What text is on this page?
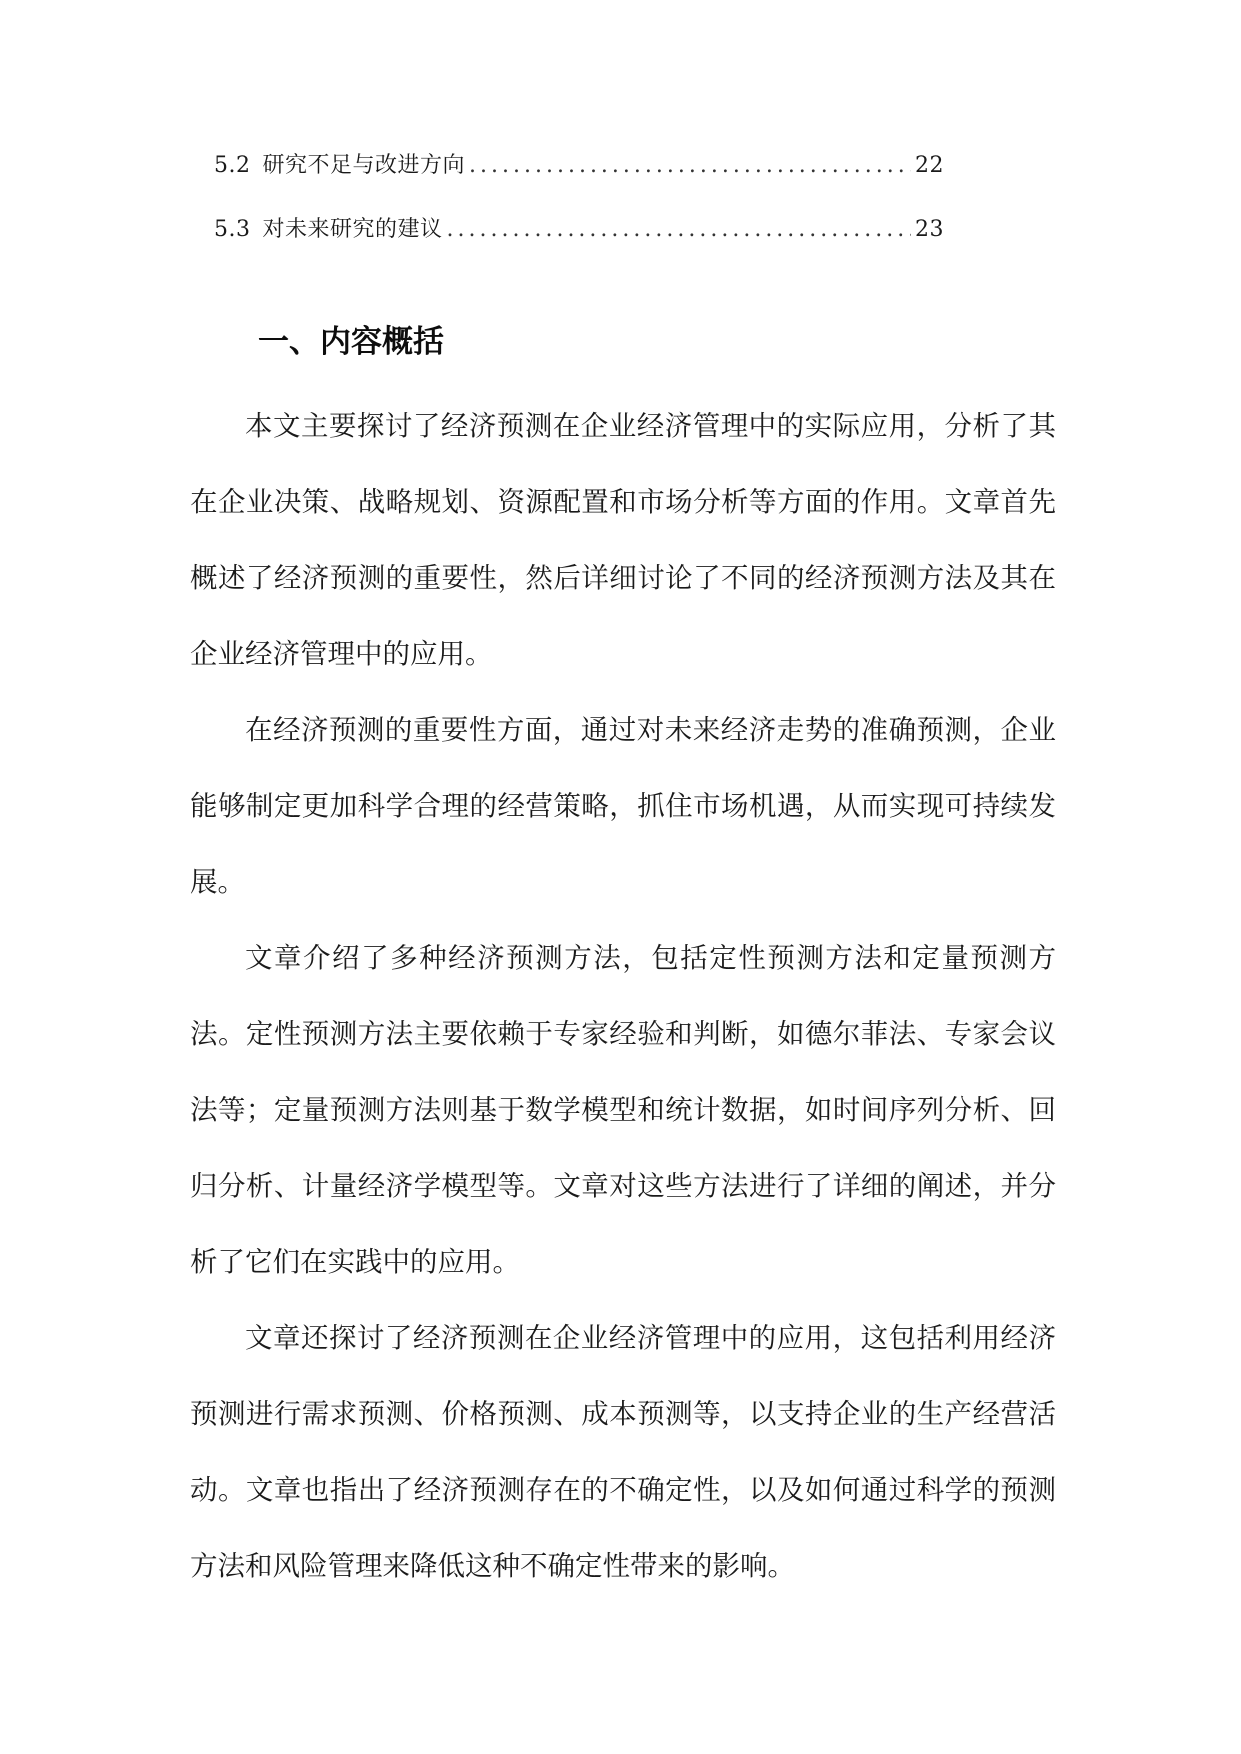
5.2 研究不足与改进方向 .....	22
5.3 对未来研究的建议 .....	23
一、内容概括

本文主要探讨了经济预测在企业经济管理中的实际应用，分析了其在企业决策、战略规划、资源配置和市场分析等方面的作用。文章首先概述了经济预测的重要性，然后详细讨论了不同的经济预测方法及其在企业经济管理中的应用。

在经济预测的重要性方面，通过对未来经济走势的准确预测，企业能够制定更加科学合理的经营策略，抓住市场机遇，从而实现可持续发展。

文章介绍了多种经济预测方法，包括定性预测方法和定量预测方法。定性预测方法主要依赖于专家经验和判断，如德尔菲法、专家会议法等；定量预测方法则基于数学模型和统计数据，如时间序列分析、回归分析、计量经济学模型等。文章对这些方法进行了详细的阐述，并分析了它们在实践中的应用。

文章还探讨了经济预测在企业经济管理中的应用，这包括利用经济预测进行需求预测、价格预测、成本预测等，以支持企业的生产经营活动。文章也指出了经济预测存在的不确定性，以及如何通过科学的预测方法和风险管理来降低这种不确定性带来的影响。
